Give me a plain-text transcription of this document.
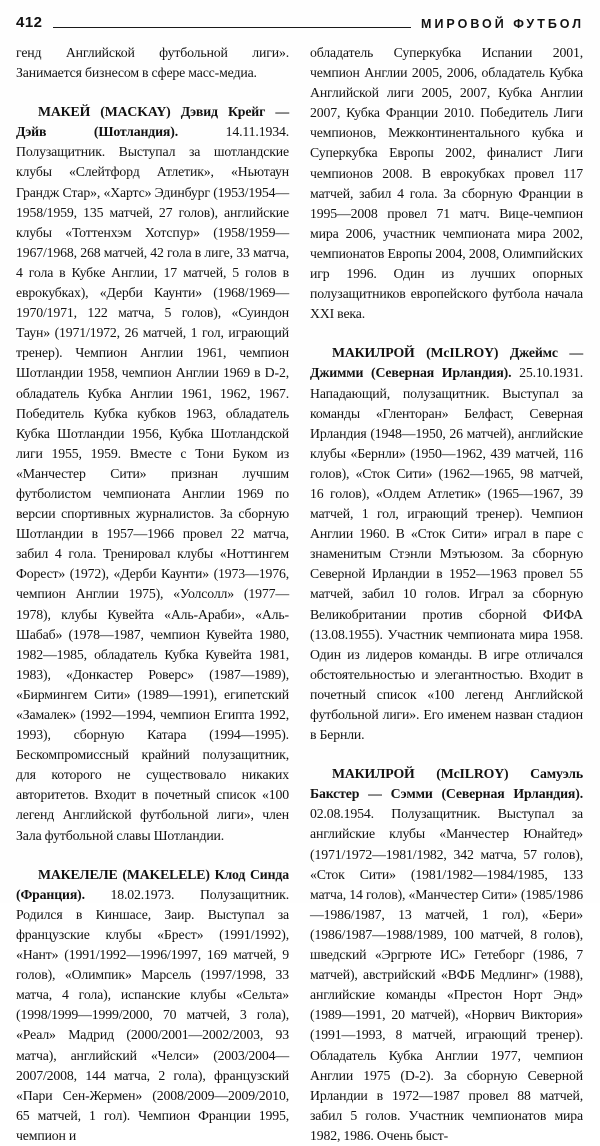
412	МИРОВОЙ ФУТБОЛ

генд Английской футбольной лиги». Занимается бизнесом в сфере масс-медиа.

МАКЕЙ (MACKAY) Дэвид Крейг — Дэйв (Шотландия).	14.11.1934. Полузащитник. Выступал за шотландские клубы «Слейтфорд Атлетик», «Ньютаун Грандж Стар», «Хартс» Эдинбург (1953/1954—1958/1959, 135 матчей, 27 голов), английские клубы «Тоттенхэм Хотспур» (1958/1959—1967/1968, 268 матчей, 42 гола в лиге, 33 матча, 4 гола в Кубке Англии, 17 матчей, 5 голов в еврокубках), «Дерби Каунти» (1968/1969—1970/1971, 122 матча, 5 голов), «Суиндон Таун» (1971/1972, 26 матчей, 1 гол, играющий тренер). Чемпион Англии 1961, чемпион Шотландии 1958, чемпион Англии 1969 в D-2, обладатель Кубка Англии 1961, 1962, 1967. Победитель Кубка кубков 1963, обладатель Кубка Шотландии 1956, Кубка Шотландской лиги 1955, 1959. Вместе с Тони Буком из «Манчестер Сити» признан лучшим футболистом чемпионата Англии 1969 по версии спортивных журналистов. За сборную Шотландии в 1957—1966 провел 22 матча, забил 4 гола. Тренировал клубы «Ноттингем Форест» (1972), «Дерби Каунти» (1973—1976, чемпион Англии 1975), «Уолсолл» (1977—1978), клубы Кувейта «Аль-Араби», «Аль-Шабаб» (1978—1987, чемпион Кувейта 1980, 1982—1985, обладатель Кубка Кувейта 1981, 1983), «Донкастер Роверс» (1987—1989), «Бирмингем Сити» (1989—1991), египетский «Замалек» (1992—1994, чемпион Египта 1992, 1993), сборную Катара (1994—1995). Бескомпромиссный крайний полузащитник, для которого не существовало никаких авторитетов. Входит в почетный список «100 легенд Английской футбольной лиги», член Зала футбольной славы Шотландии.

МАКЕЛЕЛЕ (MAKELELE) Клод Синда (Франция). 18.02.1973. Полузащитник. Родился в Киншасе, Заир. Выступал за французские клубы «Брест» (1991/1992), «Нант» (1991/1992—1996/1997, 169 матчей, 9 голов), «Олимпик» Марсель (1997/1998, 33 матча, 4 гола), испанские клубы «Сельта» (1998/1999—1999/2000, 70 матчей, 3 гола), «Реал» Мадрид (2000/2001—2002/2003, 93 матча), английский «Челси» (2003/2004—2007/2008, 144 матча, 2 гола), французский «Пари Сен-Жермен» (2008/2009—2009/2010, 65 матчей, 1 гол). Чемпион Франции 1995, чемпион и

обладатель Суперкубка Испании 2001, чемпион Англии 2005, 2006, обладатель Кубка Английской лиги 2005, 2007, Кубка Англии 2007, Кубка Франции 2010. Победитель Лиги чемпионов, Межконтинентального кубка и Суперкубка Европы 2002, финалист Лиги чемпионов 2008. В еврокубках провел 117 матчей, забил 4 гола. За сборную Франции в 1995—2008 провел 71 матч. Вице-чемпион мира 2006, участник чемпионата мира 2002, чемпионатов Европы 2004, 2008, Олимпийских игр 1996. Один из лучших опорных полузащитников европейского футбола начала XXI века.

МАКИЛРОЙ (McILROY) Джеймс — Джимми (Северная Ирландия). 25.10.1931. Нападающий, полузащитник. Выступал за команды «Гленторан» Белфаст, Северная Ирландия (1948—1950, 26 матчей), английские клубы «Бернли» (1950—1962, 439 матчей, 116 голов), «Сток Сити» (1962—1965, 98 матчей, 16 голов), «Олдем Атлетик» (1965—1967, 39 матчей, 1 гол, играющий тренер). Чемпион Англии 1960. В «Сток Сити» играл в паре с знаменитым Стэнли Мэтьюзом. За сборную Северной Ирландии в 1952—1963 провел 55 матчей, забил 10 голов. Играл за сборную Великобритании против сборной ФИФА (13.08.1955). Участник чемпионата мира 1958. Один из лидеров команды. В игре отличался обстоятельностью и элегантностью. Входит в почетный список «100 легенд Английской футбольной лиги». Его именем назван стадион в Бернли.

МАКИЛРОЙ (McILROY) Самуэль Бакстер — Сэмми (Северная Ирландия). 02.08.1954. Полузащитник. Выступал за английские клубы «Манчестер Юнайтед» (1971/1972—1981/1982, 342 матча, 57 голов), «Сток Сити» (1981/1982—1984/1985, 133 матча, 14 голов), «Манчестер Сити» (1985/1986—1986/1987, 13 матчей, 1 гол), «Бери» (1986/1987—1988/1989, 100 матчей, 8 голов), шведский «Эргрюте ИС» Гетеборг (1986, 7 матчей), австрийский «ВФБ Медлинг» (1988), английские команды «Престон Норт Энд» (1989—1991, 20 матчей), «Норвич Виктория» (1991—1993, 8 матчей, играющий тренер). Обладатель Кубка Англии 1977, чемпион Англии 1975 (D-2). За сборную Северной Ирландии в 1972—1987 провел 88 матчей, забил 5 голов. Участник чемпионатов мира 1982, 1986. Очень быст-
